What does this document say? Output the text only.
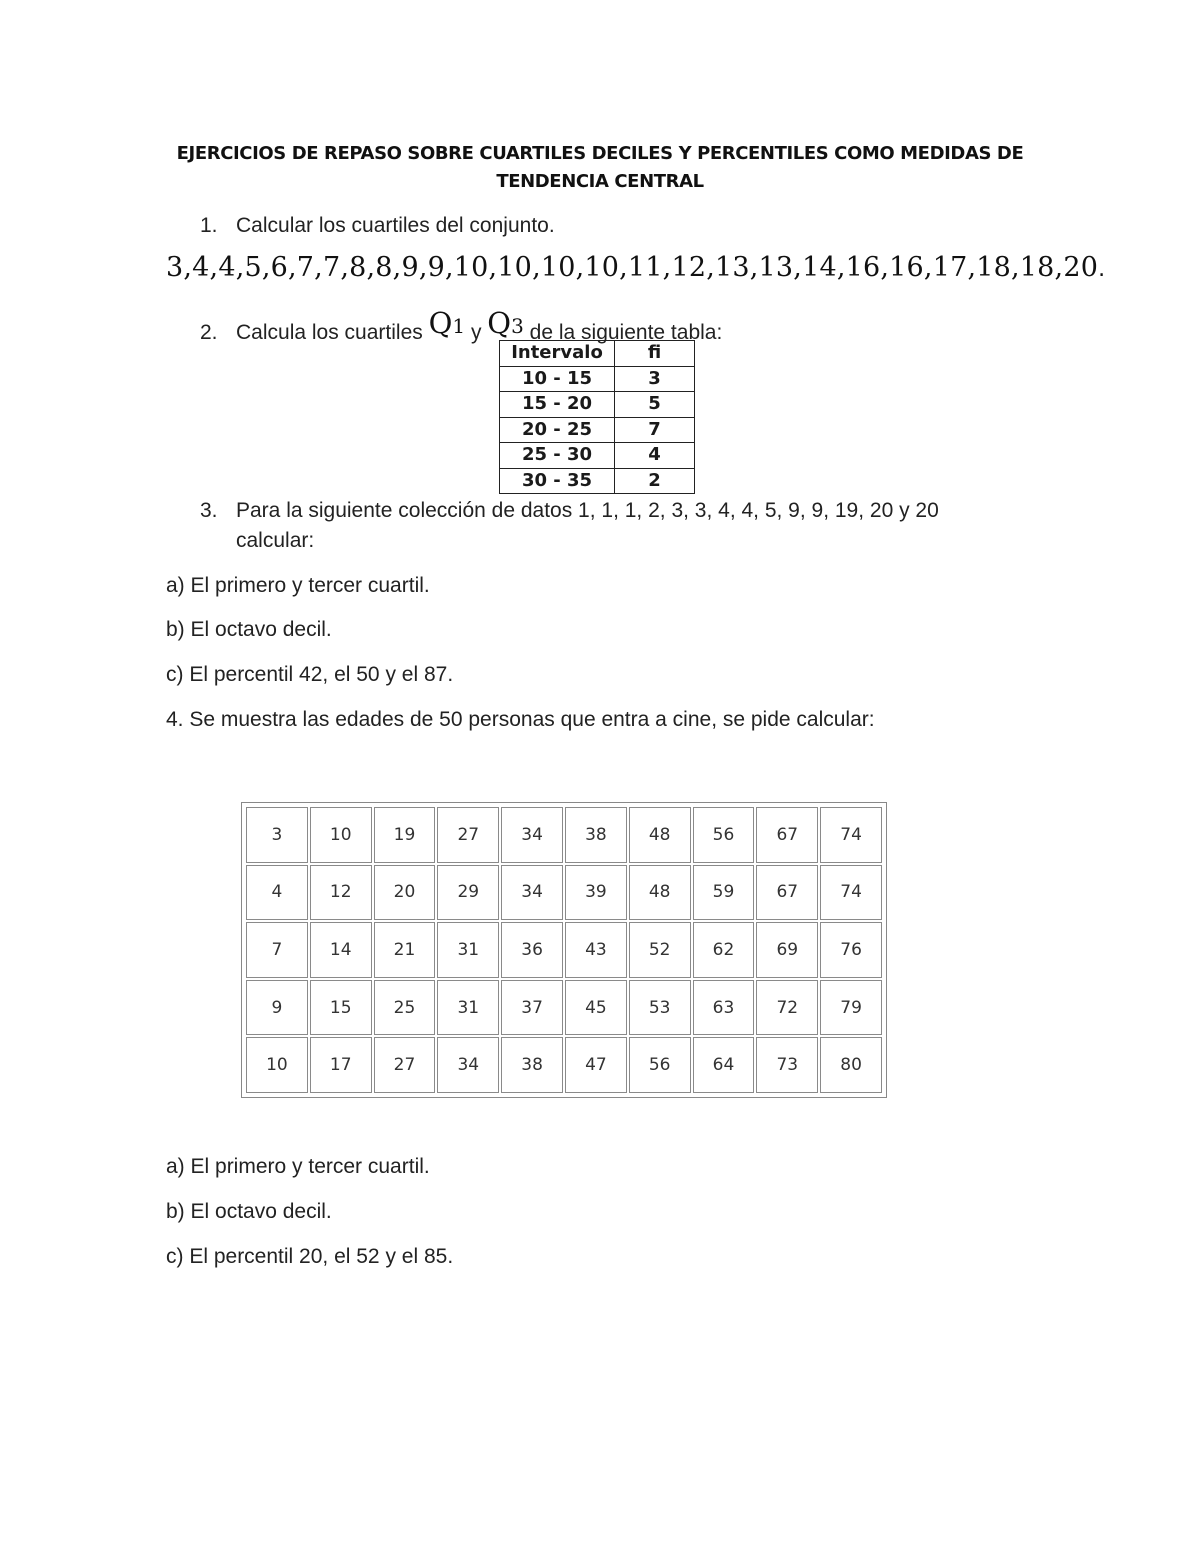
EJERCICIOS DE REPASO SOBRE CUARTILES DECILES Y PERCENTILES COMO MEDIDAS DE
TENDENCIA CENTRAL
1. Calcular los cuartiles del conjunto.
3,4,4,5,6,7,7,8,8,9,9,10,10,10,10,11,12,13,13,14,16,16,17,18,18,20.
2. Calcula los cuartiles Q1 y Q3 de la siguiente tabla:
Intervalo	fi
10 - 15	3
15 - 20	5
20 - 25	7
25 - 30	4
30 - 35	2
3. Para la siguiente colección de datos 1, 1, 1, 2, 3, 3, 4, 4, 5, 9, 9, 19, 20 y 20
calcular:
a) El primero y tercer cuartil.
b) El octavo decil.
c) El percentil 42, el 50 y el 87.
4. Se muestra las edades de 50 personas que entra a cine, se pide calcular:
3	10	19	27	34	38	48	56	67	74
4	12	20	29	34	39	48	59	67	74
7	14	21	31	36	43	52	62	69	76
9	15	25	31	37	45	53	63	72	79
10	17	27	34	38	47	56	64	73	80
a) El primero y tercer cuartil.
b) El octavo decil.
c) El percentil 20, el 52 y el 85.
